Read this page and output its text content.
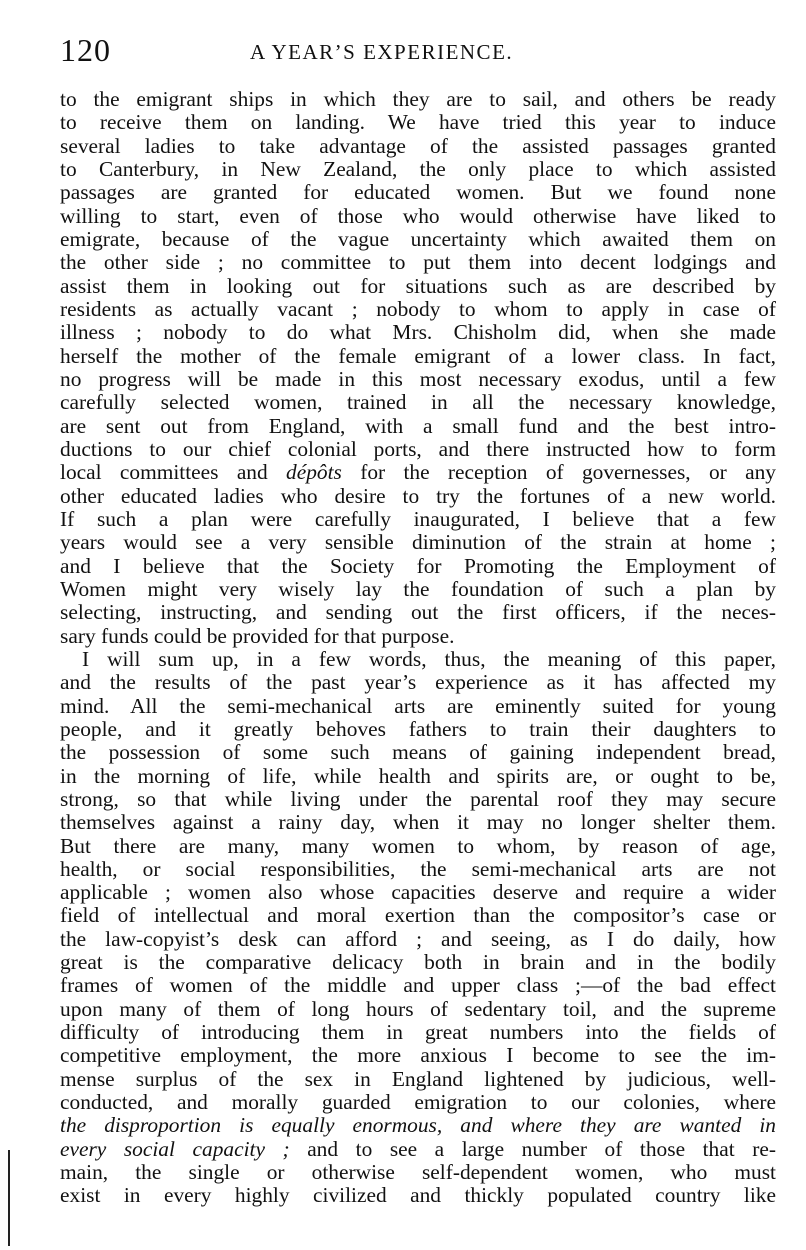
120	A YEAR’S EXPERIENCE.
to the emigrant ships in which they are to sail, and others be ready
to receive them on landing. We have tried this year to induce
several ladies to take advantage of the assisted passages granted
to Canterbury, in New Zealand, the only place to which assisted
passages are granted for educated women. But we found none
willing to start, even of those who would otherwise have liked to
emigrate, because of the vague uncertainty which awaited them on
the other side ; no committee to put them into decent lodgings and
assist them in looking out for situations such as are described by
residents as actually vacant ; nobody to whom to apply in case of
illness ; nobody to do what Mrs. Chisholm did, when she made
herself the mother of the female emigrant of a lower class. In fact,
no progress will be made in this most necessary exodus, until a few
carefully selected women, trained in all the necessary knowledge,
are sent out from England, with a small fund and the best intro-
ductions to our chief colonial ports, and there instructed how to form
local committees and dépôts for the reception of governesses, or any
other educated ladies who desire to try the fortunes of a new world.
If such a plan were carefully inaugurated, I believe that a few
years would see a very sensible diminution of the strain at home ;
and I believe that the Society for Promoting the Employment of
Women might very wisely lay the foundation of such a plan by
selecting, instructing, and sending out the first officers, if the neces-
sary funds could be provided for that purpose.
I will sum up, in a few words, thus, the meaning of this paper,
and the results of the past year’s experience as it has affected my
mind. All the semi-mechanical arts are eminently suited for young
people, and it greatly behoves fathers to train their daughters to
the possession of some such means of gaining independent bread,
in the morning of life, while health and spirits are, or ought to be,
strong, so that while living under the parental roof they may secure
themselves against a rainy day, when it may no longer shelter them.
But there are many, many women to whom, by reason of age,
health, or social responsibilities, the semi-mechanical arts are not
applicable ; women also whose capacities deserve and require a wider
field of intellectual and moral exertion than the compositor’s case or
the law-copyist’s desk can afford ; and seeing, as I do daily, how
great is the comparative delicacy both in brain and in the bodily
frames of women of the middle and upper class ;—of the bad effect
upon many of them of long hours of sedentary toil, and the supreme
difficulty of introducing them in great numbers into the fields of
competitive employment, the more anxious I become to see the im-
mense surplus of the sex in England lightened by judicious, well-
conducted, and morally guarded emigration to our colonies, where
the disproportion is equally enormous, and where they are wanted in
every social capacity ; and to see a large number of those that re-
main, the single or otherwise self-dependent women, who must
exist in every highly civilized and thickly populated country like
